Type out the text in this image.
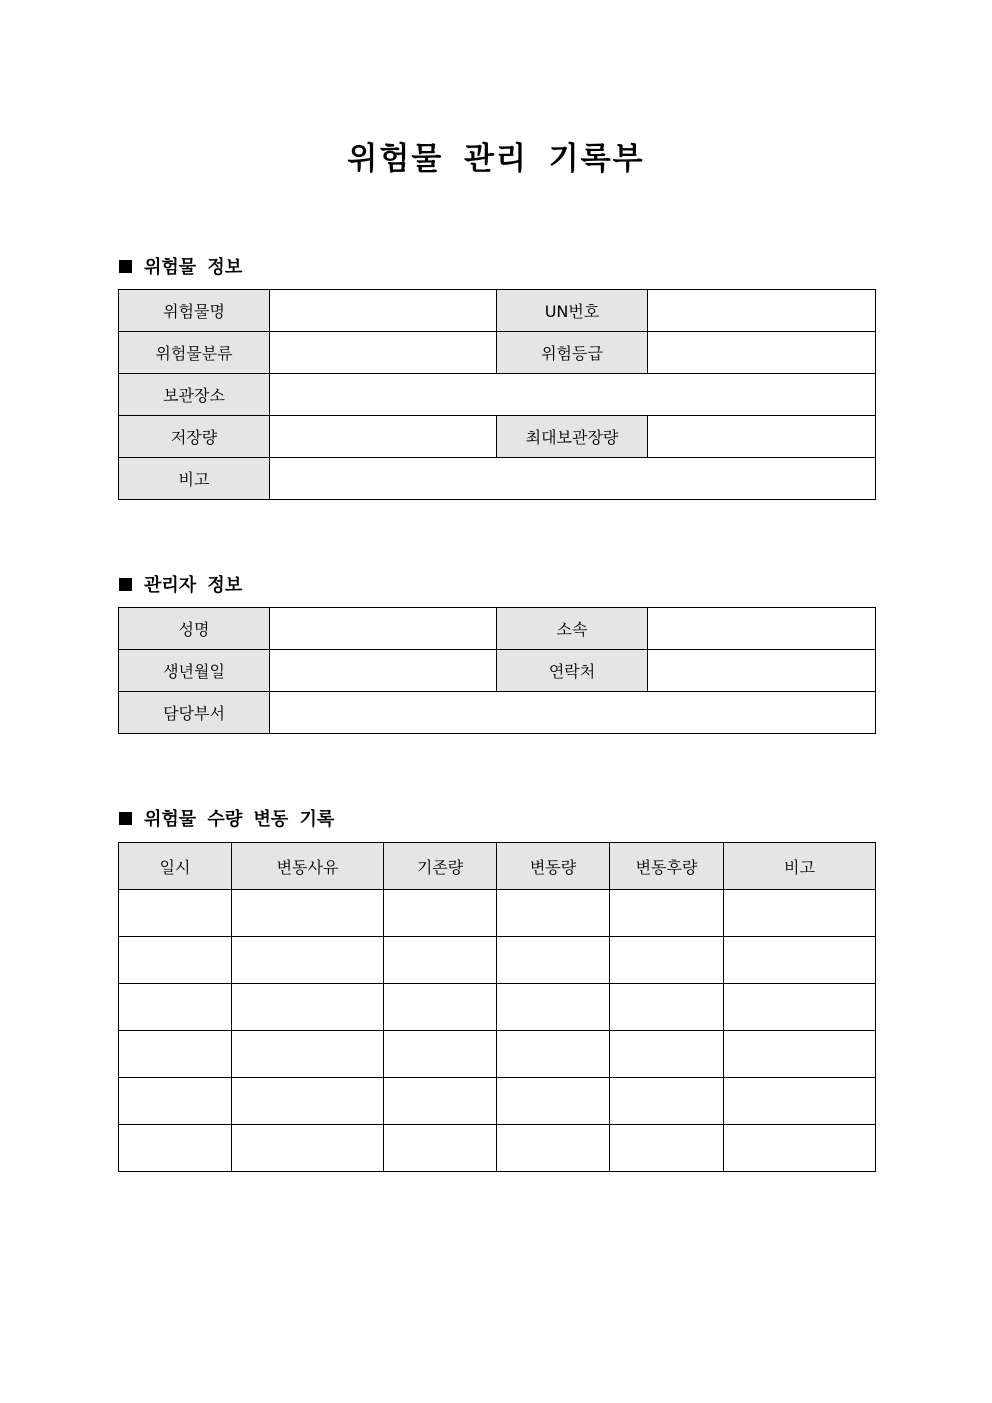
위험물 관리 기록부
위험물 정보
위험물명		UN번호	
위험물분류		위험등급	
보관장소			
저장량		최대보관장량	
비고			
관리자 정보
성명		소속	
생년월일		연락처	
담당부서			
위험물 수량 변동 기록
일시	변동사유	기존량	변동량	변동후량	비고
